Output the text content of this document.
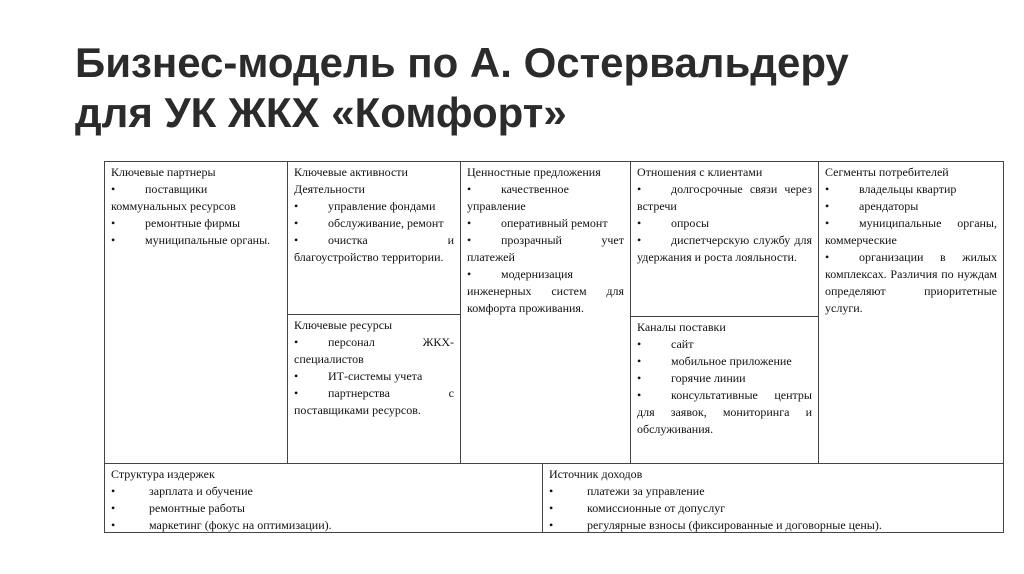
Бизнес-модель по А. Остервальдеру
для УК ЖКХ «Комфорт»
Ключевые партнеры
• поставщики коммунальных ресурсов
• ремонтные фирмы
• муниципальные органы.
Ключевые активности Деятельности
• управление фондами
• обслуживание, ремонт
• очистка и благоустройство территории.
Ключевые ресурсы
• персонал ЖКХ-специалистов
• ИТ-системы учета
• партнерства с поставщиками ресурсов.
Ценностные предложения
• качественное управление
• оперативный ремонт
• прозрачный учет платежей
• модернизация инженерных систем для комфорта проживания.
Отношения с клиентами
• долгосрочные связи через встречи
• опросы
• диспетчерскую службу для удержания и роста лояльности.
Каналы поставки
• сайт
• мобильное приложение
• горячие линии
• консультативные центры для заявок, мониторинга и обслуживания.
Сегменты потребителей
• владельцы квартир
• арендаторы
• муниципальные органы, коммерческие
• организации в жилых комплексах. Различия по нуждам определяют приоритетные услуги.
Структура издержек
•	зарплата и обучение
•	ремонтные работы
•	маркетинг (фокус на оптимизации).
Источник доходов
•	платежи за управление
•	комиссионные от допуслуг
•	регулярные взносы (фиксированные и договорные цены).
